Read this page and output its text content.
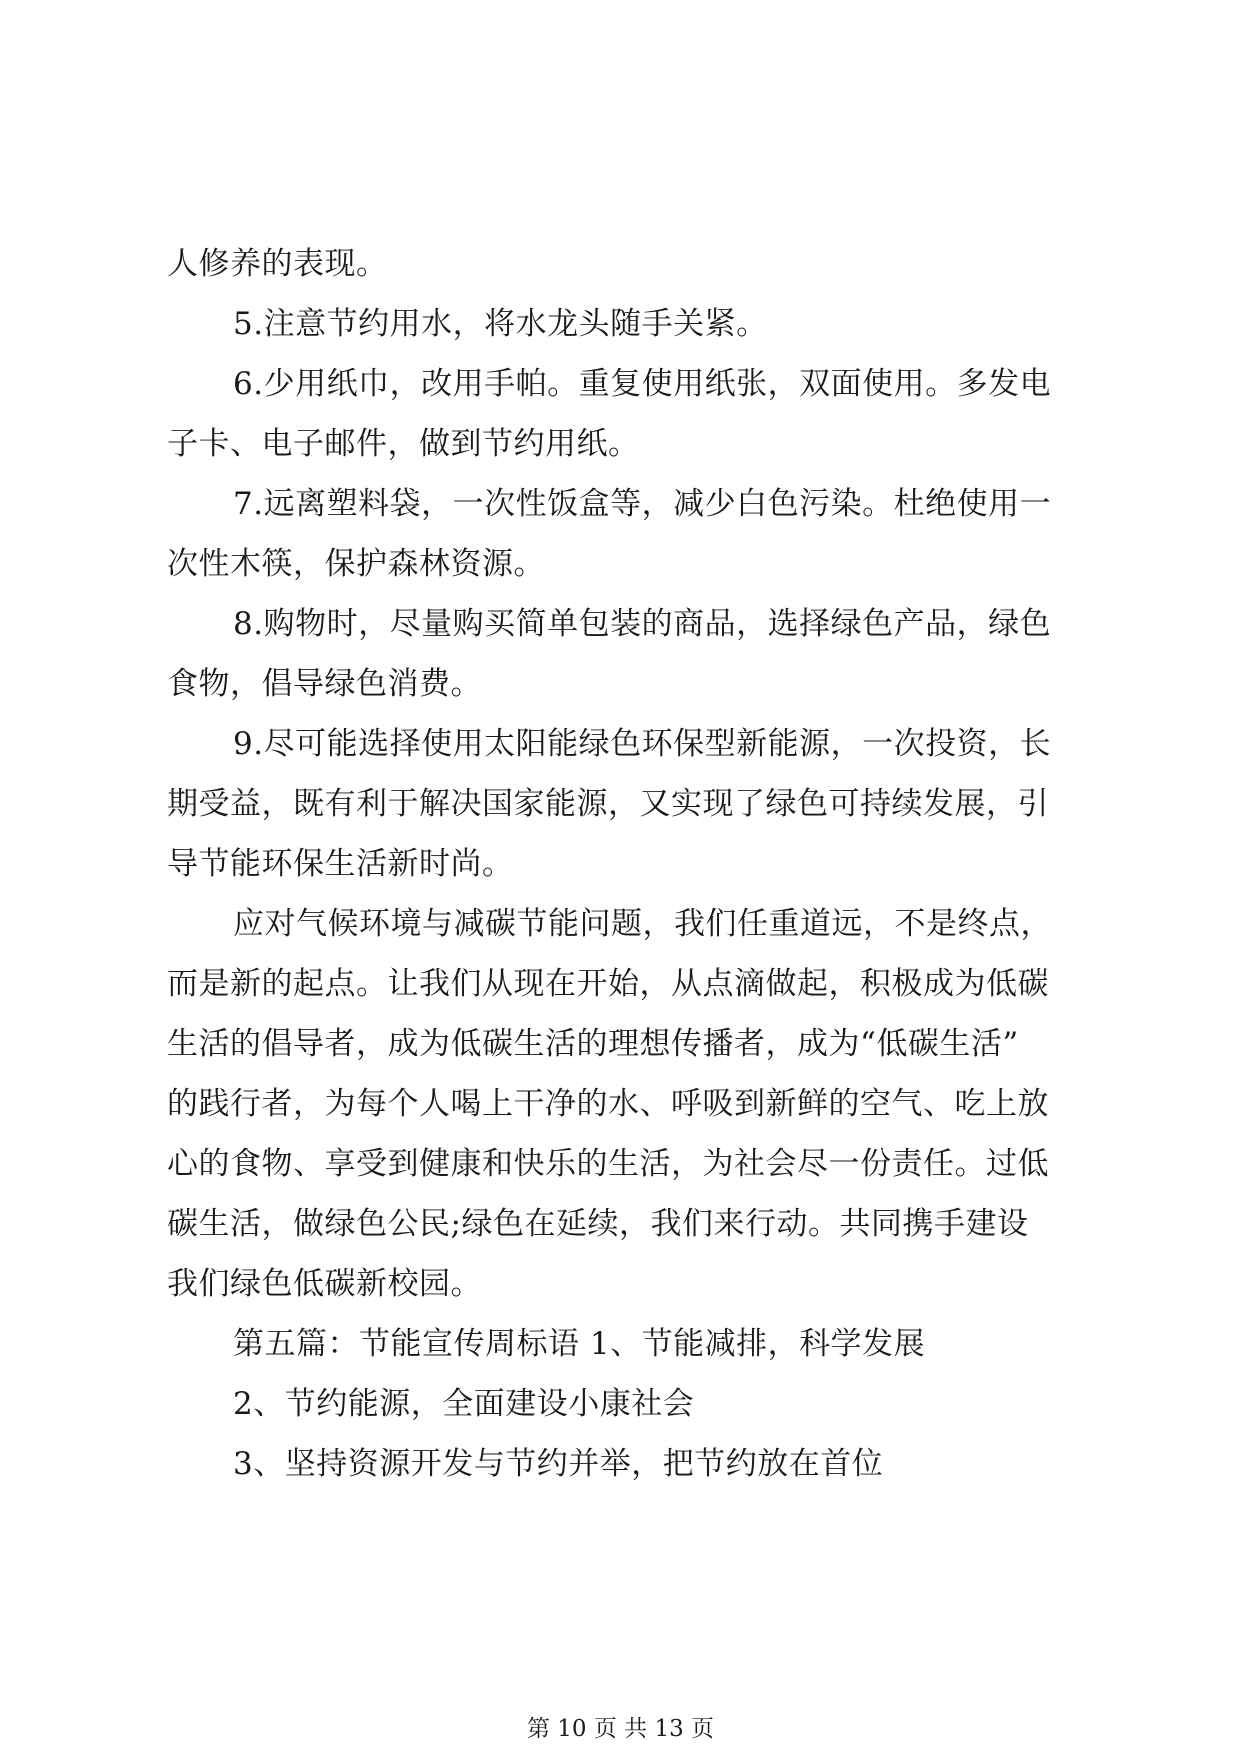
人修养的表现。
5.注意节约用水，将水龙头随手关紧。
6.少用纸巾，改用手帕。重复使用纸张，双面使用。多发电
子卡、电子邮件，做到节约用纸。
7.远离塑料袋，一次性饭盒等，减少白色污染。杜绝使用一
次性木筷，保护森林资源。
8.购物时，尽量购买简单包装的商品，选择绿色产品，绿色
食物，倡导绿色消费。
9.尽可能选择使用太阳能绿色环保型新能源，一次投资，长
期受益，既有利于解决国家能源，又实现了绿色可持续发展，引
导节能环保生活新时尚。
应对气候环境与减碳节能问题，我们任重道远，不是终点，
而是新的起点。让我们从现在开始，从点滴做起，积极成为低碳
生活的倡导者，成为低碳生活的理想传播者，成为“低碳生活”
的践行者，为每个人喝上干净的水、呼吸到新鲜的空气、吃上放
心的食物、享受到健康和快乐的生活，为社会尽一份责任。过低
碳生活，做绿色公民;绿色在延续，我们来行动。共同携手建设
我们绿色低碳新校园。
第五篇：节能宣传周标语 1、节能减排，科学发展
2、节约能源，全面建设小康社会
3、坚持资源开发与节约并举，把节约放在首位
第 10 页 共 13 页
